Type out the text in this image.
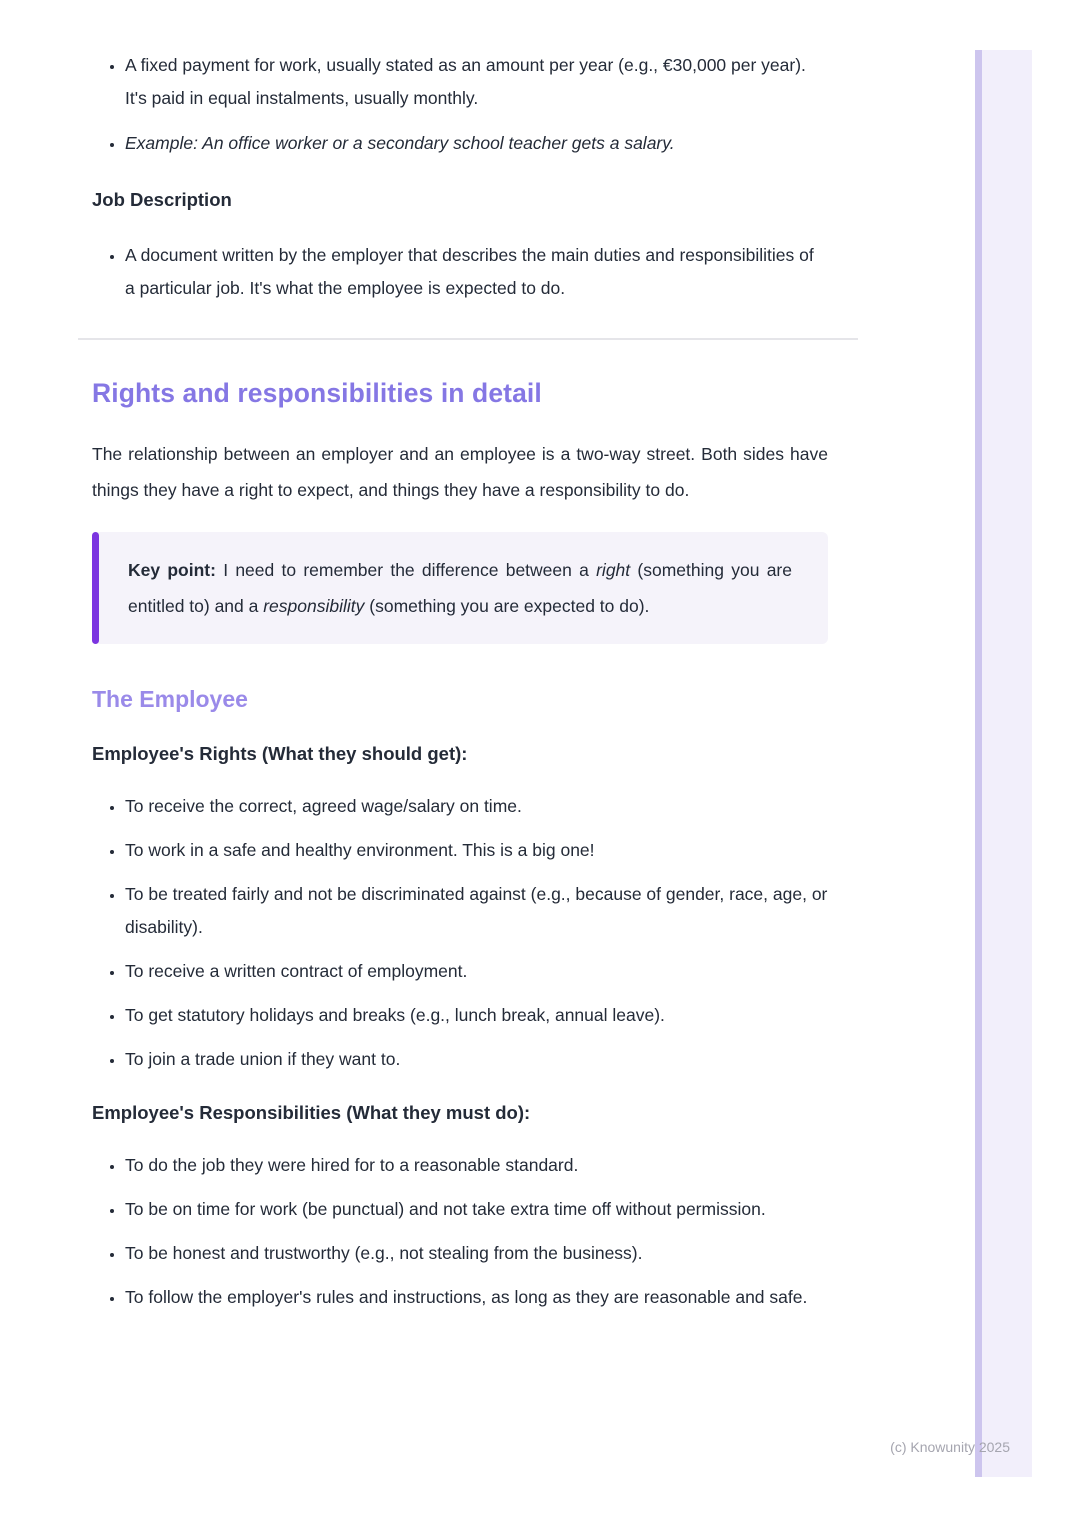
• A fixed payment for work, usually stated as an amount per year (e.g., €30,000 per year). It's paid in equal instalments, usually monthly.
• Example: An office worker or a secondary school teacher gets a salary.
Job Description
• A document written by the employer that describes the main duties and responsibilities of a particular job. It's what the employee is expected to do.
Rights and responsibilities in detail

The relationship between an employer and an employee is a two-way street. Both sides have things they have a right to expect, and things they have a responsibility to do.

Key point: I need to remember the difference between a right (something you are entitled to) and a responsibility (something you are expected to do).

The Employee
Employee's Rights (What they should get):
• To receive the correct, agreed wage/salary on time.
• To work in a safe and healthy environment. This is a big one!
• To be treated fairly and not be discriminated against (e.g., because of gender, race, age, or disability).
• To receive a written contract of employment.
• To get statutory holidays and breaks (e.g., lunch break, annual leave).
• To join a trade union if they want to.
Employee's Responsibilities (What they must do):
• To do the job they were hired for to a reasonable standard.
• To be on time for work (be punctual) and not take extra time off without permission.
• To be honest and trustworthy (e.g., not stealing from the business).
• To follow the employer's rules and instructions, as long as they are reasonable and safe.
(c) Knowunity 2025
